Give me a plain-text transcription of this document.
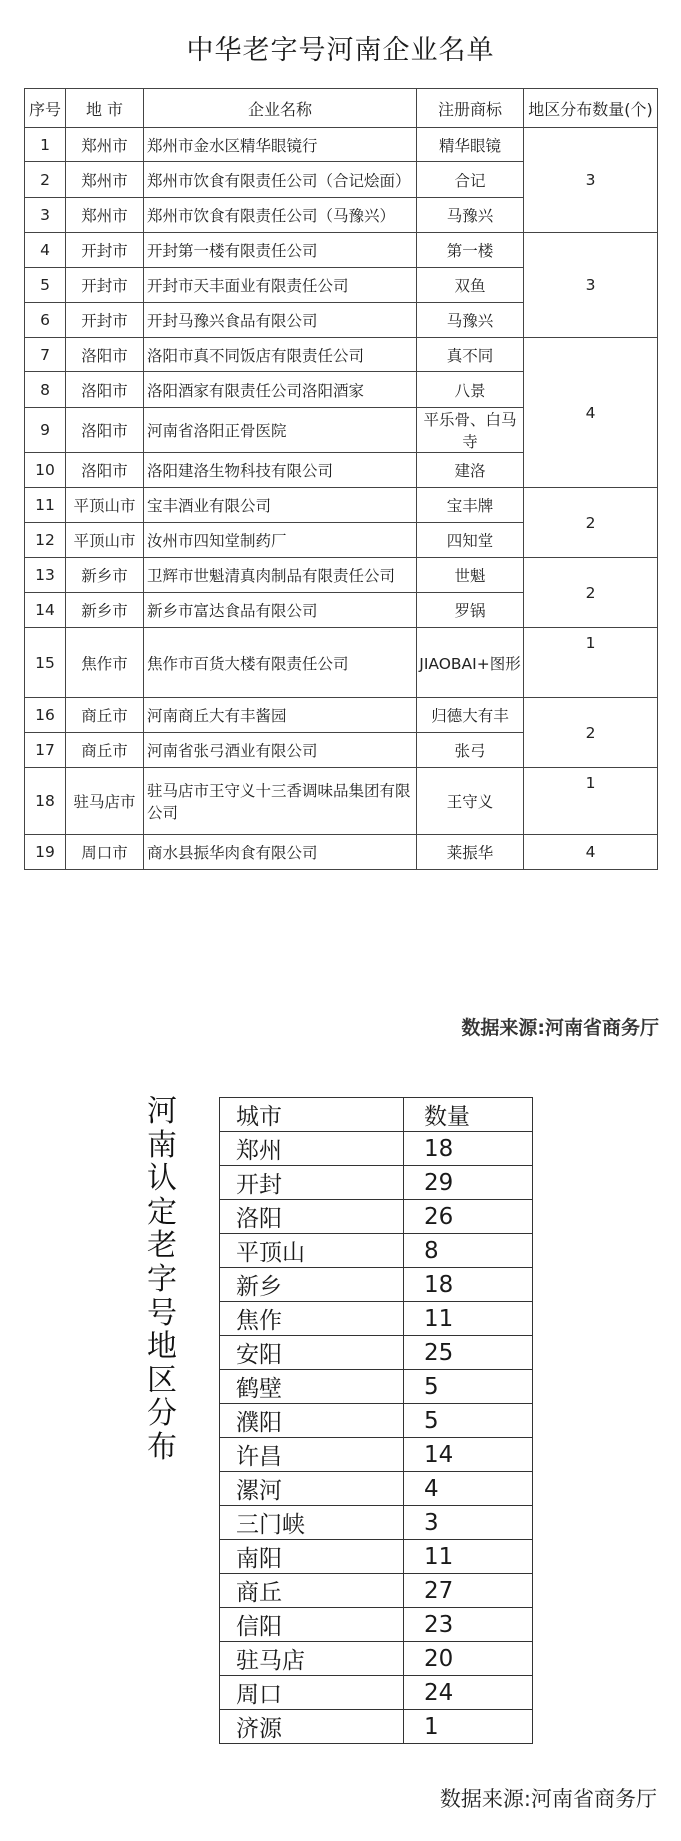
中华老字号河南企业名单
序号	地 市	企业名称	注册商标	地区分布数量(个)
1	郑州市	郑州市金水区精华眼镜行	精华眼镜	3
2	郑州市	郑州市饮食有限责任公司（合记烩面）	合记	
3	郑州市	郑州市饮食有限责任公司（马豫兴）	马豫兴	
4	开封市	开封第一楼有限责任公司	第一楼	3
5	开封市	开封市天丰面业有限责任公司	双鱼	
6	开封市	开封马豫兴食品有限公司	马豫兴	
7	洛阳市	洛阳市真不同饭店有限责任公司	真不同	4
8	洛阳市	洛阳酒家有限责任公司洛阳酒家	八景	
9	洛阳市	河南省洛阳正骨医院	平乐骨、白马寺	
10	洛阳市	洛阳建洛生物科技有限公司	建洛	
11	平顶山市	宝丰酒业有限公司	宝丰牌	2
12	平顶山市	汝州市四知堂制药厂	四知堂	
13	新乡市	卫辉市世魁清真肉制品有限责任公司	世魁	2
14	新乡市	新乡市富达食品有限公司	罗锅	
15	焦作市	焦作市百货大楼有限责任公司	JIAOBAI+图形	1
16	商丘市	河南商丘大有丰酱园	归德大有丰	2
17	商丘市	河南省张弓酒业有限公司	张弓	
18	驻马店市	驻马店市王守义十三香调味品集团有限公司	王守义	1
19	周口市	商水县振华肉食有限公司	莱振华	4
数据来源:河南省商务厅
河
南
认
定
老
字
号
地
区
分
布
城市	数量
郑州	18
开封	29
洛阳	26
平顶山	8
新乡	18
焦作	11
安阳	25
鹤壁	5
濮阳	5
许昌	14
漯河	4
三门峡	3
南阳	11
商丘	27
信阳	23
驻马店	20
周口	24
济源	1
数据来源:河南省商务厅
